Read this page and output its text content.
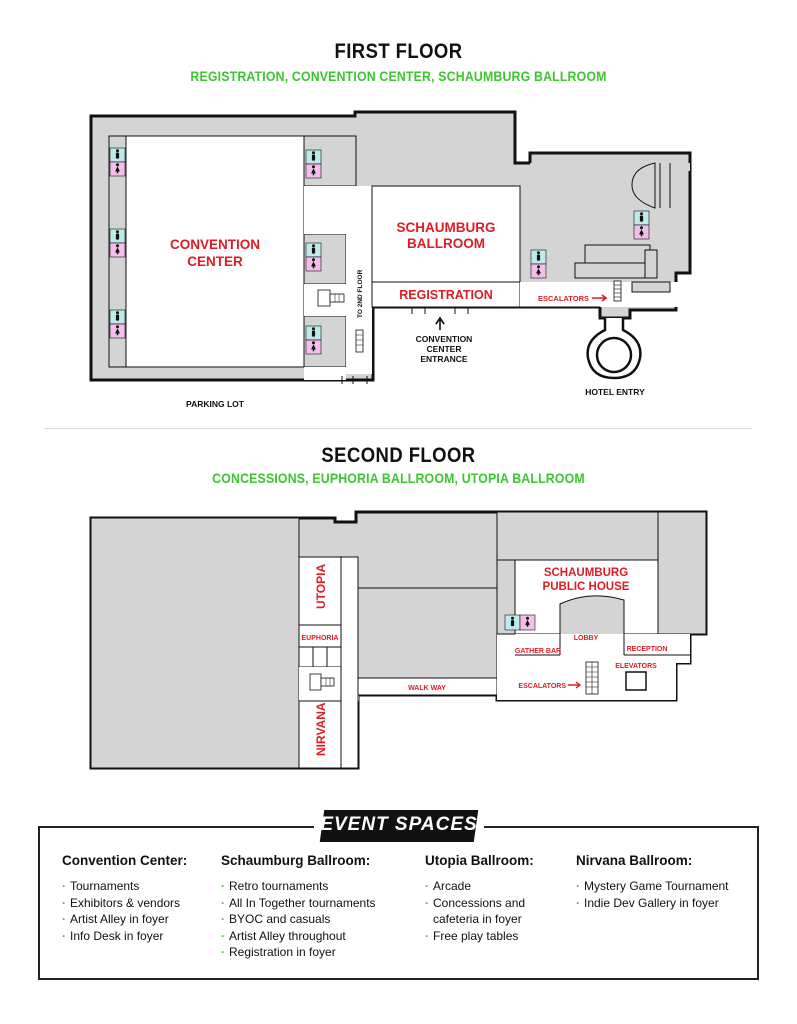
FIRST FLOOR
REGISTRATION, CONVENTION CENTER, SCHAUMBURG BALLROOM
CONVENTION
CENTER
SCHAUMBURG
BALLROOM
REGISTRATION
TO 2ND FLOOR	ESCALATORS
CONVENTION
CENTER
ENTRANCE
PARKING LOT
HOTEL ENTRY
UTOPIA
EUPHORIA
NIRVANA
WALK WAY
SCHAUMBURG
PUBLIC HOUSE
LOBBY
RECEPTION
GATHER BAR
ELEVATORS
ESCALATORS
SECOND FLOOR
CONCESSIONS, EUPHORIA BALLROOM, UTOPIA BALLROOM
EVENT SPACES
Convention Center:
· Tournaments
· Exhibitors & vendors
· Artist Alley in foyer
· Info Desk in foyer
Schaumburg Ballroom:
· Retro tournaments
· All In Together tournaments
· BYOC and casuals
· Artist Alley throughout
· Registration in foyer
Utopia Ballroom:
· Arcade
· Concessions and
cafeteria in foyer
· Free play tables
Nirvana Ballroom:
· Mystery Game Tournament
· Indie Dev Gallery in foyer
